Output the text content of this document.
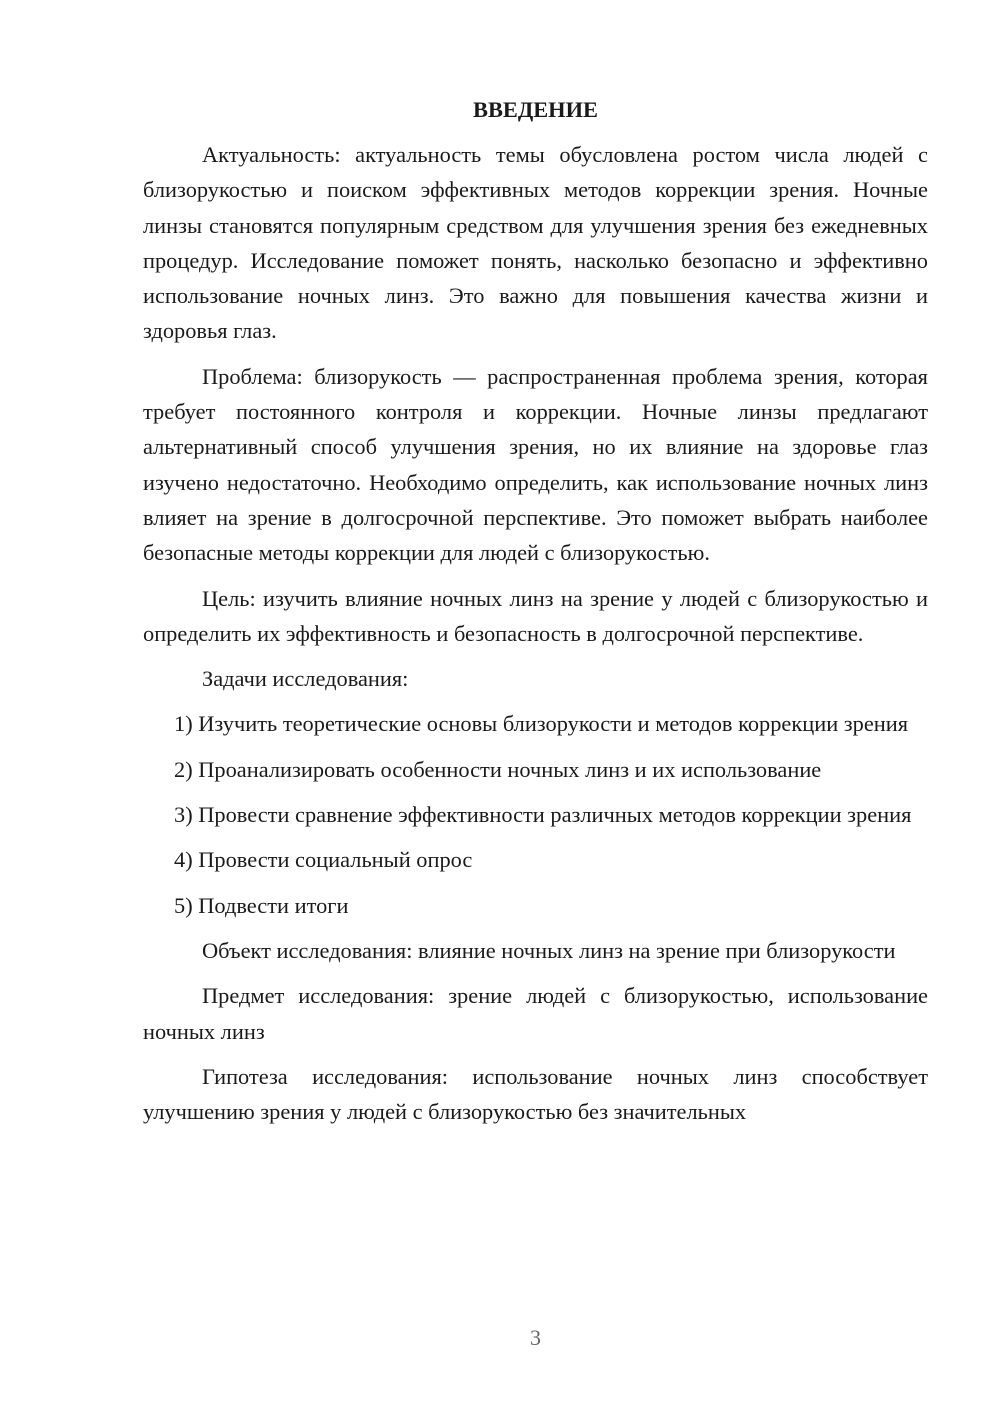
ВВЕДЕНИЕ

Актуальность: актуальность темы обусловлена ростом числа людей с близорукостью и поиском эффективных методов коррекции зрения. Ночные линзы становятся популярным средством для улучшения зрения без ежедневных процедур. Исследование поможет понять, насколько безопасно и эффективно использование ночных линз. Это важно для повышения качества жизни и здоровья глаз.

Проблема: близорукость — распространенная проблема зрения, которая требует постоянного контроля и коррекции. Ночные линзы предлагают альтернативный способ улучшения зрения, но их влияние на здоровье глаз изучено недостаточно. Необходимо определить, как использование ночных линз влияет на зрение в долгосрочной перспективе. Это поможет выбрать наиболее безопасные методы коррекции для людей с близорукостью.

Цель: изучить влияние ночных линз на зрение у людей с близорукостью и определить их эффективность и безопасность в долгосрочной перспективе.

Задачи исследования:

1) Изучить теоретические основы близорукости и методов коррекции зрения

2) Проанализировать особенности ночных линз и их использование

3) Провести сравнение эффективности различных методов коррекции зрения

4) Провести социальный опрос

5) Подвести итоги

Объект исследования: влияние ночных линз на зрение при близорукости

Предмет исследования: зрение людей с близорукостью, использование ночных линз

Гипотеза исследования: использование ночных линз способствует улучшению зрения у людей с близорукостью без значительных

3
